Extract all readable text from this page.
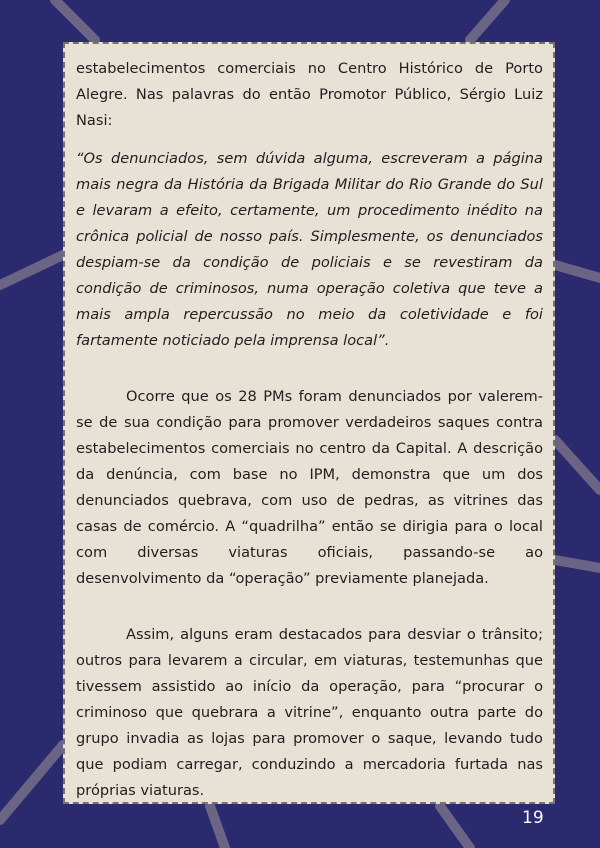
estabelecimentos comerciais no Centro Histórico de Porto Alegre. Nas palavras do então Promotor Público, Sérgio Luiz Nasi:

“Os denunciados, sem dúvida alguma, escreveram a página mais negra da História da Brigada Militar do Rio Grande do Sul e levaram a efeito, certamente, um procedimento inédito na crônica policial de nosso país. Simplesmente, os denunciados despiam-se da condição de policiais e se revestiram da condição de criminosos, numa operação coletiva que teve a mais ampla repercussão no meio da coletividade e foi fartamente noticiado pela imprensa local”.

Ocorre que os 28 PMs foram denunciados por valerem-se de sua condição para promover verdadeiros saques contra estabelecimentos comerciais no centro da Capital. A descrição da denúncia, com base no IPM, demonstra que um dos denunciados quebrava, com uso de pedras, as vitrines das casas de comércio. A “quadrilha” então se dirigia para o local com diversas viaturas oficiais, passando-se ao desenvolvimento da “operação” previamente planejada.

Assim, alguns eram destacados para desviar o trânsito; outros para levarem a circular, em viaturas, testemunhas que tivessem assistido ao início da operação, para “procurar o criminoso que quebrara a vitrine”, enquanto outra parte do grupo invadia as lojas para promover o saque, levando tudo que podiam carregar, conduzindo a mercadoria furtada nas próprias viaturas.

19
